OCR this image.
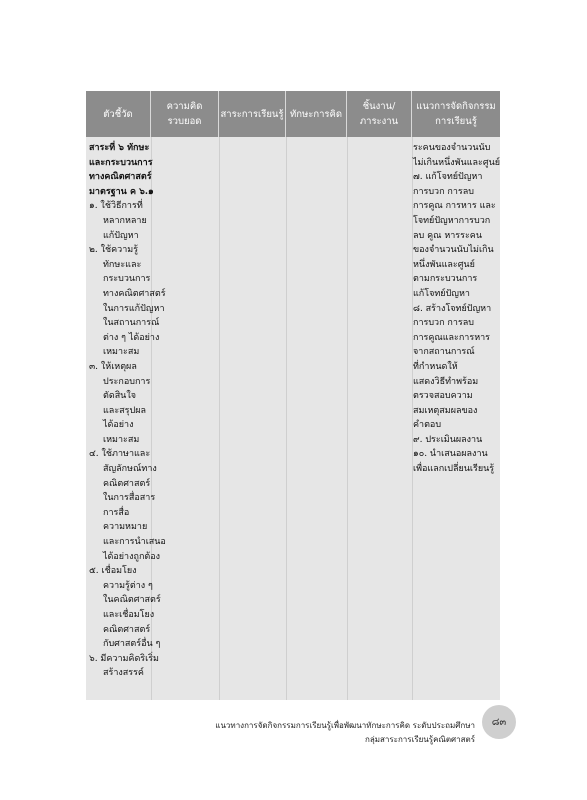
ตัวชี้วัด
ความคิด
รวบยอด
สาระการเรียนรู้ ทักษะการคิด
ชิ้นงาน/
ภาระงาน
แนวการจัดกิจกรรม
การเรียนรู้
สาระที่ ๖ ทักษะ
และกระบวนการ
ทางคณิตศาสตร์
มาตรฐาน ค ๖.๑
๑. ใช้วิธีการที่
หลากหลาย
แก้ปัญหา
๒. ใช้ความรู้
ทักษะและ
กระบวนการ
ทางคณิตศาสตร์
ในการแก้ปัญหา
ในสถานการณ์
ต่าง ๆ ได้อย่าง
เหมาะสม
๓. ให้เหตุผล
ประกอบการ
ตัดสินใจ
และสรุปผล
ได้อย่าง
เหมาะสม
๔. ใช้ภาษาและ
สัญลักษณ์ทาง
คณิตศาสตร์
ในการสื่อสาร
การสื่อ
ความหมาย
และการนำเสนอ
ได้อย่างถูกต้อง
๕. เชื่อมโยง
ความรู้ต่าง ๆ
ในคณิตศาสตร์
และเชื่อมโยง
คณิตศาสตร์
กับศาสตร์อื่น ๆ
๖. มีความคิดริเริ่ม
สร้างสรรค์
ระคนของจำนวนนับ
ไม่เกินหนึ่งพันและศูนย์
๗. แก้โจทย์ปัญหา
การบวก การลบ
การคูณ การหาร และ
โจทย์ปัญหาการบวก
ลบ คูณ หารระคน
ของจำนวนนับไม่เกิน
หนึ่งพันและศูนย์
ตามกระบวนการ
แก้โจทย์ปัญหา
๘. สร้างโจทย์ปัญหา
การบวก การลบ
การคูณและการหาร
จากสถานการณ์
ที่กำหนดให้
แสดงวิธีทำพร้อม
ตรวจสอบความ
สมเหตุสมผลของ
คำตอบ
๙. ประเมินผลงาน
๑๐. นำเสนอผลงาน
เพื่อแลกเปลี่ยนเรียนรู้
แนวทางการจัดกิจกรรมการเรียนรู้เพื่อพัฒนาทักษะการคิด ระดับประถมศึกษา
กลุ่มสาระการเรียนรู้คณิตศาสตร์
๘๓
